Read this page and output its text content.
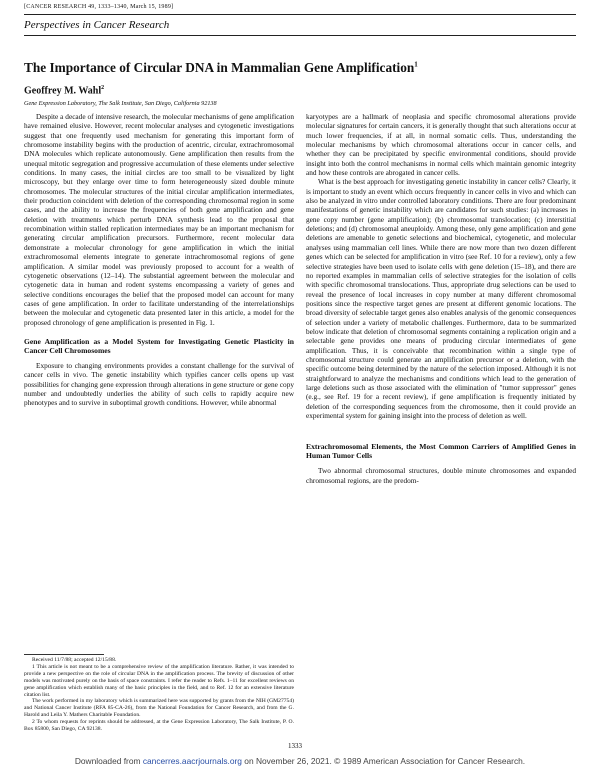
[CANCER RESEARCH 49, 1333–1340, March 15, 1989]
Perspectives in Cancer Research
The Importance of Circular DNA in Mammalian Gene Amplification$^1$
Geoffrey M. Wahl$^2$
Gene Expression Laboratory, The Salk Institute, San Diego, California 92138

Despite a decade of intensive research, the molecular mechanisms of gene amplification have remained elusive. However, recent molecular analyses and cytogenetic investigations suggest that one frequently used mechanism for generating this important form of chromosome instability begins with the production of acentric, circular, extrachromosomal DNA molecules which replicate autonomously. Gene amplification then results from the unequal mitotic segregation and progressive accumulation of these elements under selective conditions. In many cases, the initial circles are too small to be visualized by light microscopy, but they enlarge over time to form heterogeneously sized double minute chromosomes. The molecular structures of the initial circular amplification intermediates, their production coincident with deletion of the corresponding chromosomal region in some cases, and the ability to increase the frequencies of both gene amplification and gene deletion with treatments which perturb DNA synthesis lead to the proposal that recombination within stalled replication intermediates may be an important mechanism for generating circular amplification precursors. Furthermore, recent molecular data demonstrate a molecular chronology for gene amplification in which the initial extrachromosomal elements integrate to generate intrachromosomal regions of gene amplification. A similar model was previously proposed to account for a wealth of cytogenetic observations (12–14). The substantial agreement between the molecular and cytogenetic data in human and rodent systems encompassing a variety of genes and selective conditions encourages the belief that the proposed model can account for many cases of gene amplification. In order to facilitate understanding of the interrelationships between the molecular and cytogenetic data presented later in this article, a model for the proposed chronology of gene amplification is presented in Fig. 1.

Gene Amplification as a Model System for Investigating Genetic Plasticity in Cancer Cell Chromosomes

Exposure to changing environments provides a constant challenge for the survival of cancer cells in vivo. The genetic instability which typifies cancer cells opens up vast possibilities for changing gene expression through alterations in gene structure or gene copy number and undoubtedly underlies the ability of such cells to rapidly acquire new phenotypes and to survive in suboptimal growth conditions. However, while abnormal

Received 11/7/88; accepted 12/15/88.

1 This article is not meant to be a comprehensive review of the amplification literature. Rather, it was intended to provide a new perspective on the role of circular DNA in the amplification process. The brevity of discussion of other models was motivated purely on the basis of space constraints. I refer the reader to Refs. 1–11 for excellent reviews on gene amplification which establish many of the basic principles in the field, and to Ref. 12 for an extensive literature citation list.

The work performed in my laboratory which is summarized here was supported by grants from the NIH (GM27754) and National Cancer Institute (RFA 85-CA-26), from the National Foundation for Cancer Research, and from the G. Harold and Leila Y. Mathers Charitable Foundation.

2 To whom requests for reprints should be addressed, at the Gene Expression Laboratory, The Salk Institute, P. O. Box 85800, San Diego, CA 92138.

karyotypes are a hallmark of neoplasia and specific chromosomal alterations provide molecular signatures for certain cancers, it is generally thought that such alterations occur at much lower frequencies, if at all, in normal somatic cells. Thus, understanding the molecular mechanisms by which chromosomal alterations occur in cancer cells, and whether they can be precipitated by specific environmental conditions, should provide insight into both the control mechanisms in normal cells which maintain genomic integrity and how these controls are abrogated in cancer cells.

What is the best approach for investigating genetic instability in cancer cells? Clearly, it is important to study an event which occurs frequently in cancer cells in vivo and which can also be analyzed in vitro under controlled laboratory conditions. There are four predominant manifestations of genetic instability which are candidates for such studies: (a) increases in gene copy number (gene amplification); (b) chromosomal translocation; (c) interstitial deletions; and (d) chromosomal aneuploidy. Among these, only gene amplification and gene deletions are amenable to genetic selections and biochemical, cytogenetic, and molecular analyses using mammalian cell lines. While there are now more than two dozen different genes which can be selected for amplification in vitro (see Ref. 10 for a review), only a few selective strategies have been used to isolate cells with gene deletion (15–18), and there are no reported examples in mammalian cells of selective strategies for the isolation of cells with specific chromosomal translocations. Thus, appropriate drug selections can be used to reveal the presence of local increases in copy number at many different chromosomal positions since the respective target genes are present at different genomic locations. The broad diversity of selectable target genes also enables analysis of the genomic consequences of selection under a variety of metabolic challenges. Furthermore, data to be summarized below indicate that deletion of chromosomal segments containing a replication origin and a selectable gene provides one means of producing circular intermediates of gene amplification. Thus, it is conceivable that recombination within a single type of chromosomal structure could generate an amplification precursor or a deletion, with the specific outcome being determined by the nature of the selection imposed. Although it is not straightforward to analyze the mechanisms and conditions which lead to the generation of large deletions such as those associated with the elimination of "tumor suppressor" genes (e.g., see Ref. 19 for a recent review), if gene amplification is frequently initiated by deletion of the corresponding sequences from the chromosome, then it could provide an experimental system for gaining insight into the process of deletion as well.

Extrachromosomal Elements, the Most Common Carriers of Amplified Genes in Human Tumor Cells

Two abnormal chromosomal structures, double minute chromosomes and expanded chromosomal regions, are the predom-

1333
Downloaded from cancerres.aacrjournals.org on November 26, 2021. © 1989 American Association for Cancer Research.
